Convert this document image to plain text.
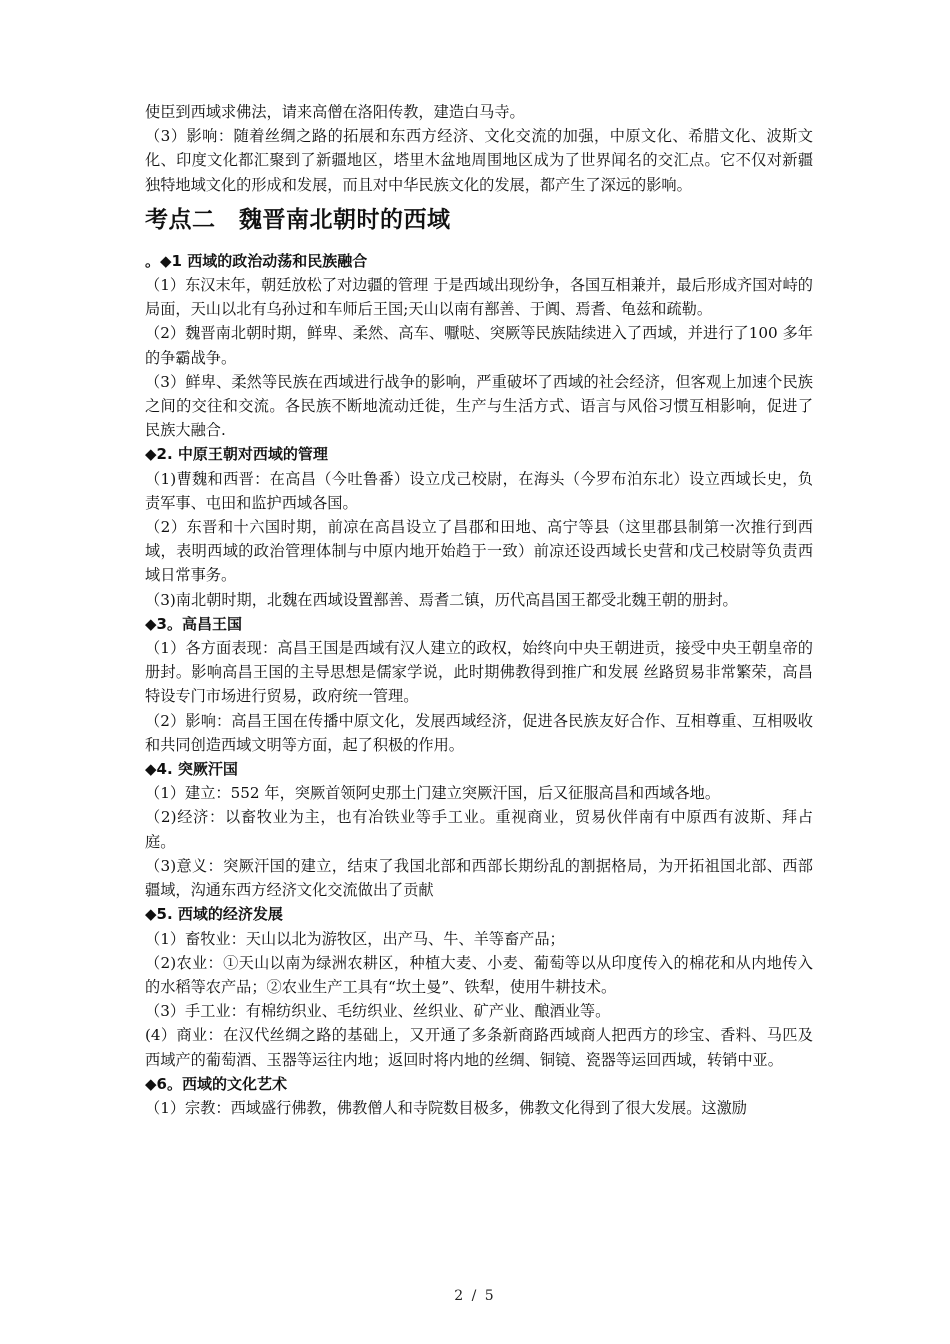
使臣到西域求佛法，请来高僧在洛阳传教，建造白马寺。

（3）影响：随着丝绸之路的拓展和东西方经济、文化交流的加强，中原文化、希腊文化、波斯文化、印度文化都汇聚到了新疆地区，塔里木盆地周围地区成为了世界闻名的交汇点。它不仅对新疆独特地域文化的形成和发展，而且对中华民族文化的发展，都产生了深远的影响。

考点二　魏晋南北朝时的西域

。◆1 西域的政治动荡和民族融合

（1）东汉末年，朝廷放松了对边疆的管理 于是西域出现纷争，各国互相兼并，最后形成齐国对峙的局面，天山以北有乌孙过和车师后王国;天山以南有鄯善、于阗、焉耆、龟兹和疏勒。

（2）魏晋南北朝时期，鲜卑、柔然、高车、嚈哒、突厥等民族陆续进入了西域，并进行了100 多年的争霸战争。

（3）鲜卑、柔然等民族在西域进行战争的影响，严重破坏了西域的社会经济，但客观上加速个民族之间的交往和交流。各民族不断地流动迁徙，生产与生活方式、语言与风俗习惯互相影响，促进了民族大融合.

◆2. 中原王朝对西域的管理

（1)曹魏和西晋：在高昌（今吐鲁番）设立戊己校尉，在海头（今罗布泊东北）设立西域长史，负责军事、屯田和监护西域各国。

（2）东晋和十六国时期，前凉在高昌设立了昌郡和田地、高宁等县（这里郡县制第一次推行到西域，表明西域的政治管理体制与中原内地开始趋于一致）前凉还设西域长史营和戊己校尉等负责西域日常事务。

（3)南北朝时期，北魏在西域设置鄯善、焉耆二镇，历代高昌国王都受北魏王朝的册封。

◆3。高昌王国

（1）各方面表现：高昌王国是西域有汉人建立的政权，始终向中央王朝进贡，接受中央王朝皇帝的册封。影响高昌王国的主导思想是儒家学说，此时期佛教得到推广和发展 丝路贸易非常繁荣，高昌特设专门市场进行贸易，政府统一管理。

（2）影响：高昌王国在传播中原文化，发展西域经济，促进各民族友好合作、互相尊重、互相吸收和共同创造西域文明等方面，起了积极的作用。

◆4. 突厥汗国

（1）建立：552 年，突厥首领阿史那土门建立突厥汗国，后又征服高昌和西域各地。

（2)经济：以畜牧业为主，也有冶铁业等手工业。重视商业，贸易伙伴南有中原西有波斯、拜占庭。

（3)意义：突厥汗国的建立，结束了我国北部和西部长期纷乱的割据格局，为开拓祖国北部、西部疆域，沟通东西方经济文化交流做出了贡献

◆5. 西域的经济发展

（1）畜牧业：天山以北为游牧区，出产马、牛、羊等畜产品；

（2)农业：①天山以南为绿洲农耕区，种植大麦、小麦、葡萄等以从印度传入的棉花和从内地传入的水稻等农产品；②农业生产工具有“坎土曼”、铁犁，使用牛耕技术。

（3）手工业：有棉纺织业、毛纺织业、丝织业、矿产业、酿酒业等。

(4）商业：在汉代丝绸之路的基础上，又开通了多条新商路西域商人把西方的珍宝、香料、马匹及西域产的葡萄酒、玉器等运往内地；返回时将内地的丝绸、铜镜、瓷器等运回西域，转销中亚。

◆6。西域的文化艺术

（1）宗教：西域盛行佛教，佛教僧人和寺院数目极多，佛教文化得到了很大发展。这激励

2 / 5
